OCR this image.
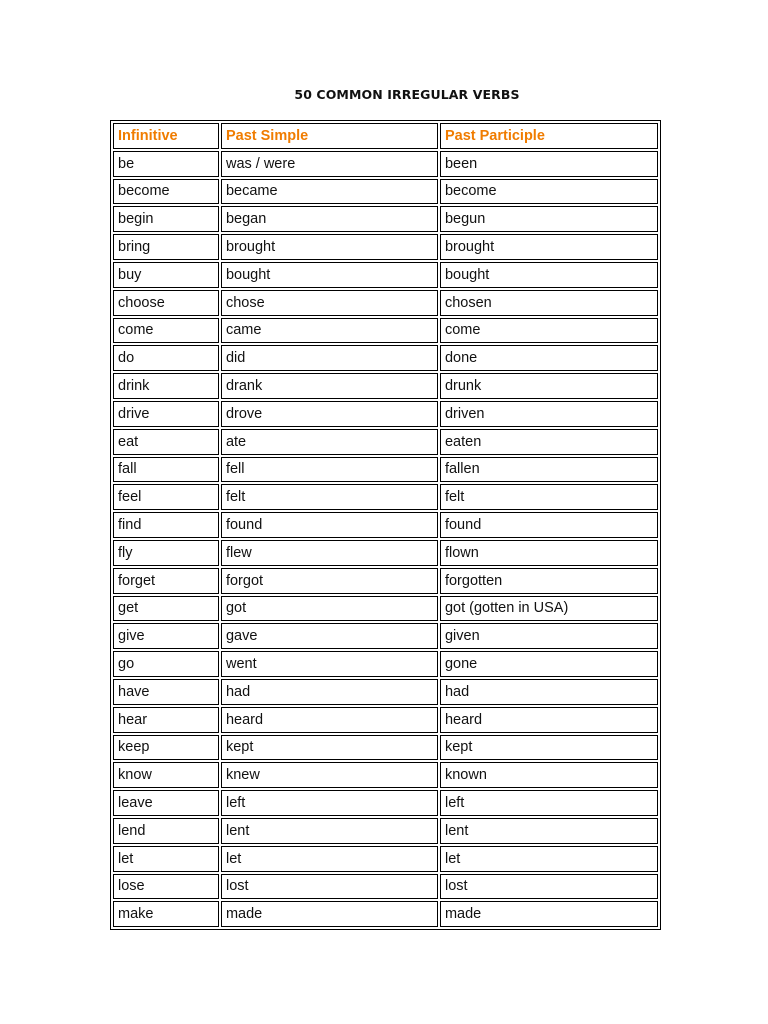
50 COMMON IRREGULAR VERBS
Infinitive	Past Simple	Past Participle
be	was / were	been
become	became	become
begin	began	begun
bring	brought	brought
buy	bought	bought
choose	chose	chosen
come	came	come
do	did	done
drink	drank	drunk
drive	drove	driven
eat	ate	eaten
fall	fell	fallen
feel	felt	felt
find	found	found
fly	flew	flown
forget	forgot	forgotten
get	got	got (gotten in USA)
give	gave	given
go	went	gone
have	had	had
hear	heard	heard
keep	kept	kept
know	knew	known
leave	left	left
lend	lent	lent
let	let	let
lose	lost	lost
make	made	made
